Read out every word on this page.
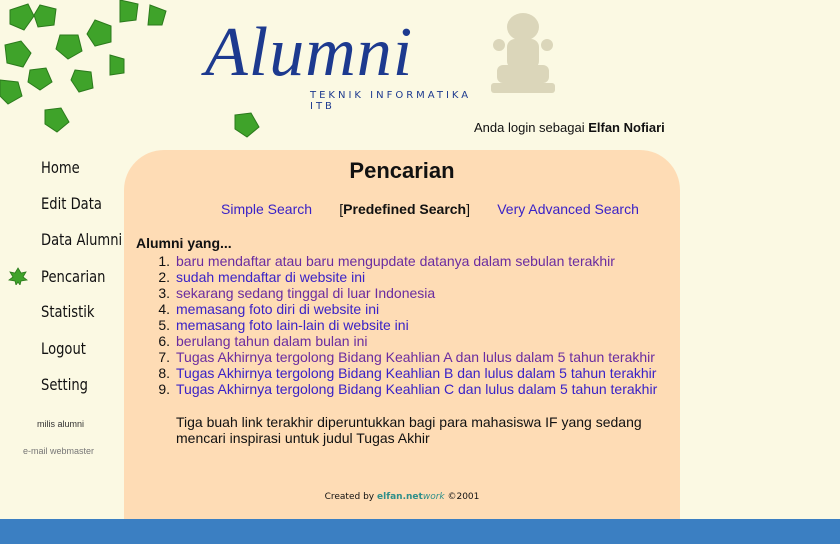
Alumni
TEKNIK INFORMATIKA ITB
Anda login sebagai Elfan Nofiari
Home
Edit Data
Data Alumni
Pencarian
Statistik
Logout
Setting
milis alumni
e-mail webmaster
Pencarian
Simple Search       [Predefined Search]       Very Advanced Search
Alumni yang...
1. baru mendaftar atau baru mengupdate datanya dalam sebulan terakhir
2. sudah mendaftar di website ini
3. sekarang sedang tinggal di luar Indonesia
4. memasang foto diri di website ini
5. memasang foto lain-lain di website ini
6. berulang tahun dalam bulan ini
7. Tugas Akhirnya tergolong Bidang Keahlian A dan lulus dalam 5 tahun terakhir
8. Tugas Akhirnya tergolong Bidang Keahlian B dan lulus dalam 5 tahun terakhir
9. Tugas Akhirnya tergolong Bidang Keahlian C dan lulus dalam 5 tahun terakhir
Tiga buah link terakhir diperuntukkan bagi para mahasiswa IF yang sedang mencari inspirasi untuk judul Tugas Akhir
Created by elfan.network ©2001
